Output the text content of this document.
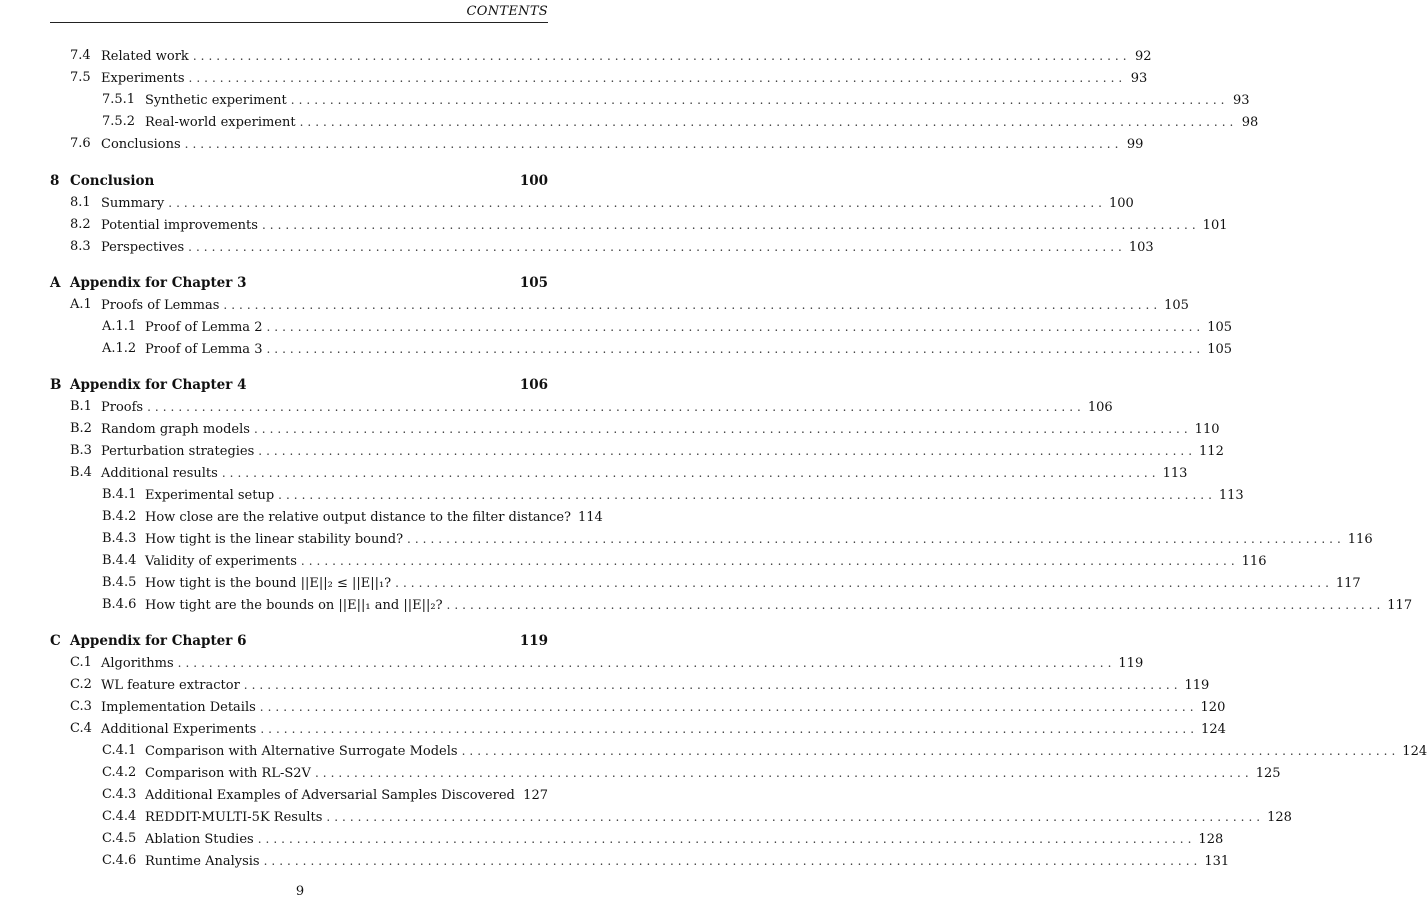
CONTENTS
7.4 Related work ........................................................................................................................ 92
7.5 Experiments ........................................................................................................................ 93
7.5.1 Synthetic experiment ........................................................................................................................ 93
7.5.2 Real-world experiment ........................................................................................................................ 98
7.6 Conclusions ........................................................................................................................ 99
8 Conclusion	100
8.1 Summary ........................................................................................................................ 100
8.2 Potential improvements ........................................................................................................................ 101
8.3 Perspectives ........................................................................................................................ 103
A Appendix for Chapter 3	105
A.1 Proofs of Lemmas ........................................................................................................................ 105
A.1.1 Proof of Lemma 2 ........................................................................................................................ 105
A.1.2 Proof of Lemma 3 ........................................................................................................................ 105
B Appendix for Chapter 4	106
B.1 Proofs ........................................................................................................................ 106
B.2 Random graph models ........................................................................................................................ 110
B.3 Perturbation strategies ........................................................................................................................ 112
B.4 Additional results ........................................................................................................................ 113
B.4.1 Experimental setup ........................................................................................................................ 113
B.4.2 How close are the relative output distance to the filter distance? 114
B.4.3 How tight is the linear stability bound? ........................................................................................................................ 116
B.4.4 Validity of experiments ........................................................................................................................ 116
B.4.5 How tight is the bound ||E||₂ ≤ ||E||₁? ........................................................................................................................ 117
B.4.6 How tight are the bounds on ||E||₁ and ||E||₂? ........................................................................................................................ 117
C Appendix for Chapter 6	119
C.1 Algorithms ........................................................................................................................ 119
C.2 WL feature extractor ........................................................................................................................ 119
C.3 Implementation Details ........................................................................................................................ 120
C.4 Additional Experiments ........................................................................................................................ 124
C.4.1 Comparison with Alternative Surrogate Models ........................................................................................................................ 124
C.4.2 Comparison with RL-S2V ........................................................................................................................ 125
C.4.3 Additional Examples of Adversarial Samples Discovered 127
C.4.4 REDDIT-MULTI-5K Results ........................................................................................................................ 128
C.4.5 Ablation Studies ........................................................................................................................ 128
C.4.6 Runtime Analysis ........................................................................................................................ 131
9
